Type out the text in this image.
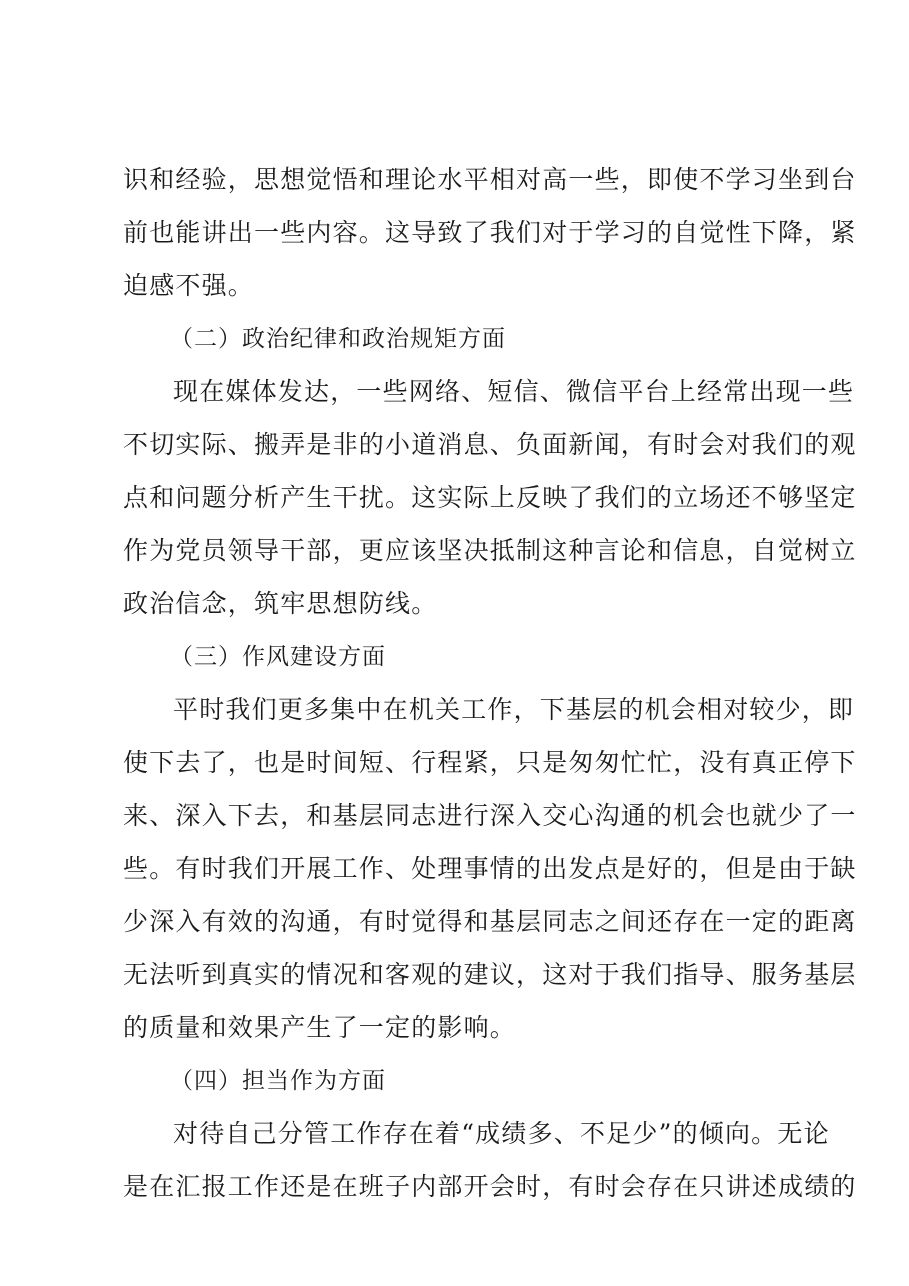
识和经验，思想觉悟和理论水平相对高一些，即使不学习坐到台
前也能讲出一些内容。这导致了我们对于学习的自觉性下降，紧
迫感不强。
（二）政治纪律和政治规矩方面
现在媒体发达，一些网络、短信、微信平台上经常出现一些
不切实际、搬弄是非的小道消息、负面新闻，有时会对我们的观
点和问题分析产生干扰。这实际上反映了我们的立场还不够坚定
作为党员领导干部，更应该坚决抵制这种言论和信息，自觉树立
政治信念，筑牢思想防线。
（三）作风建设方面
平时我们更多集中在机关工作，下基层的机会相对较少，即
使下去了，也是时间短、行程紧，只是匆匆忙忙，没有真正停下
来、深入下去，和基层同志进行深入交心沟通的机会也就少了一
些。有时我们开展工作、处理事情的出发点是好的，但是由于缺
少深入有效的沟通，有时觉得和基层同志之间还存在一定的距离
无法听到真实的情况和客观的建议，这对于我们指导、服务基层
的质量和效果产生了一定的影响。
（四）担当作为方面
对待自己分管工作存在着“成绩多、不足少”的倾向。无论
是在汇报工作还是在班子内部开会时，有时会存在只讲述成绩的
